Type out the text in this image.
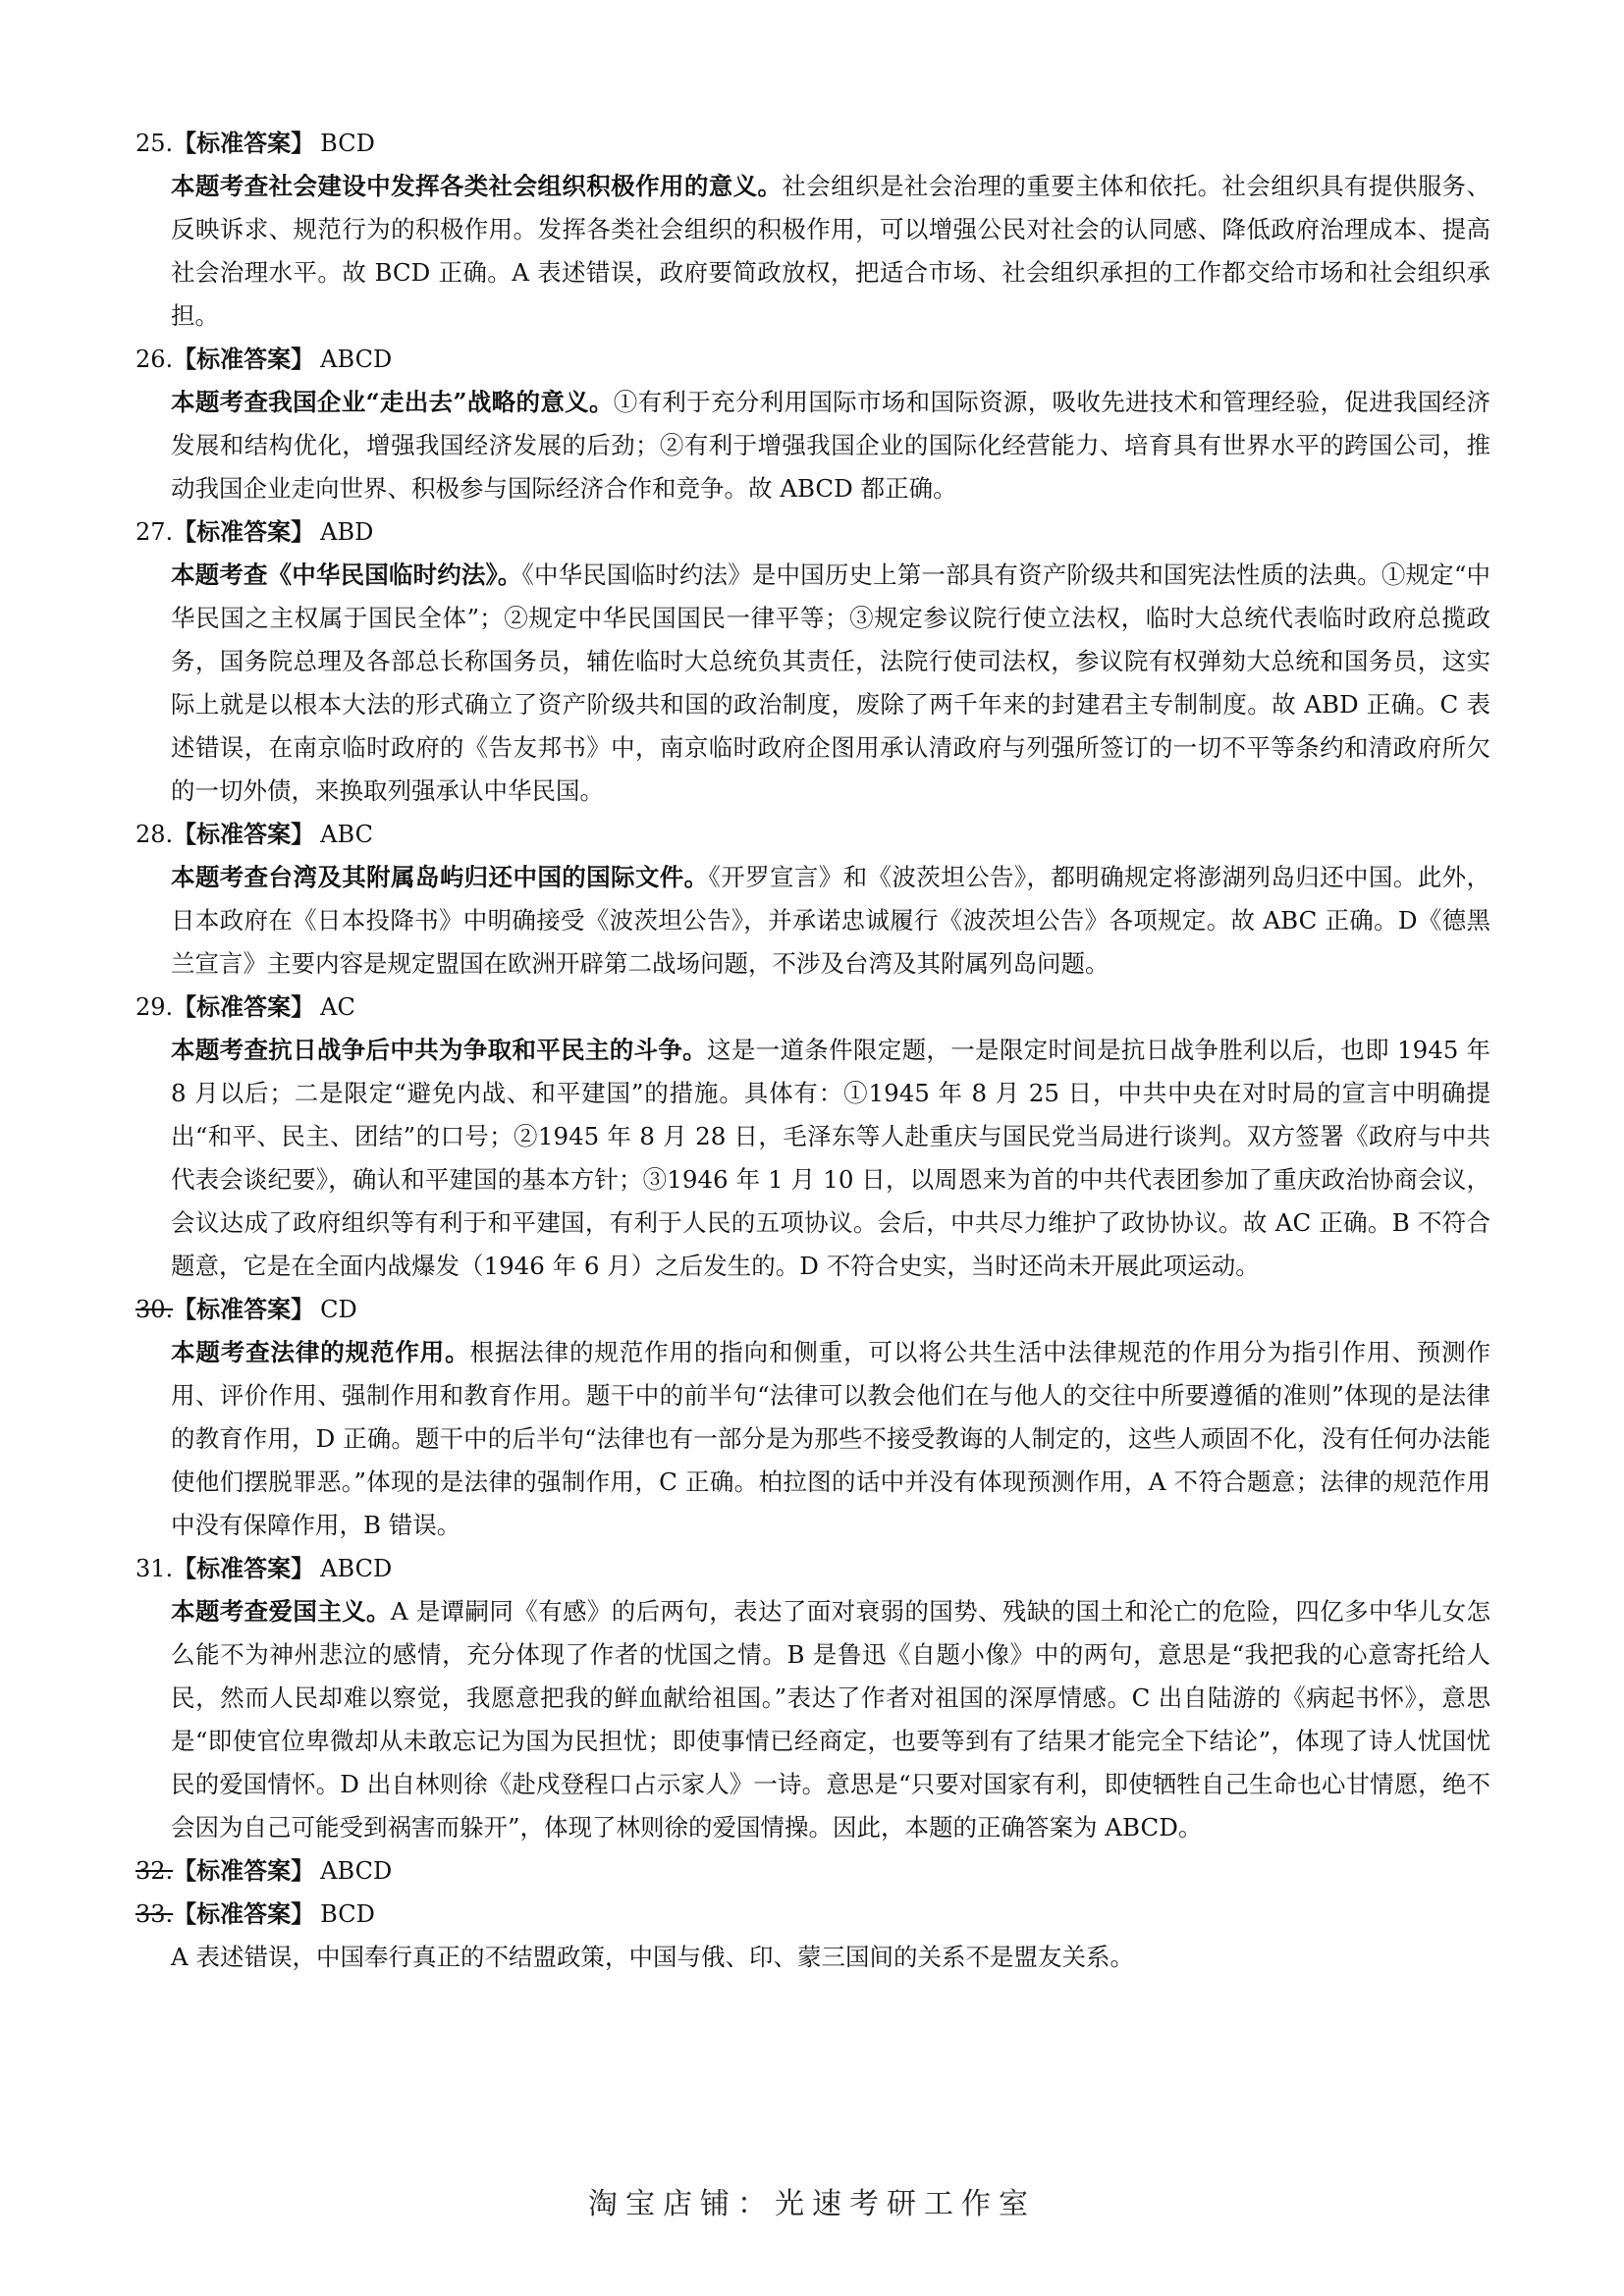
25.【标准答案】 BCD

本题考查社会建设中发挥各类社会组织积极作用的意义。社会组织是社会治理的重要主体和依托。社会组织具有提供服务、反映诉求、规范行为的积极作用。发挥各类社会组织的积极作用，可以增强公民对社会的认同感、降低政府治理成本、提高社会治理水平。故 BCD 正确。A 表述错误，政府要简政放权，把适合市场、社会组织承担的工作都交给市场和社会组织承担。

26.【标准答案】 ABCD

本题考查我国企业“走出去”战略的意义。①有利于充分利用国际市场和国际资源，吸收先进技术和管理经验，促进我国经济发展和结构优化，增强我国经济发展的后劲；②有利于增强我国企业的国际化经营能力、培育具有世界水平的跨国公司，推动我国企业走向世界、积极参与国际经济合作和竞争。故 ABCD 都正确。

27.【标准答案】 ABD

本题考查《中华民国临时约法》。《中华民国临时约法》是中国历史上第一部具有资产阶级共和国宪法性质的法典。①规定“中华民国之主权属于国民全体”；②规定中华民国国民一律平等；③规定参议院行使立法权，临时大总统代表临时政府总揽政务，国务院总理及各部总长称国务员，辅佐临时大总统负其责任，法院行使司法权，参议院有权弹劾大总统和国务员，这实际上就是以根本大法的形式确立了资产阶级共和国的政治制度，废除了两千年来的封建君主专制制度。故 ABD 正确。C 表述错误，在南京临时政府的《告友邦书》中，南京临时政府企图用承认清政府与列强所签订的一切不平等条约和清政府所欠的一切外债，来换取列强承认中华民国。

28.【标准答案】 ABC

本题考查台湾及其附属岛屿归还中国的国际文件。《开罗宣言》和《波茨坦公告》，都明确规定将澎湖列岛归还中国。此外，日本政府在《日本投降书》中明确接受《波茨坦公告》，并承诺忠诚履行《波茨坦公告》各项规定。故 ABC 正确。D《德黑兰宣言》主要内容是规定盟国在欧洲开辟第二战场问题，不涉及台湾及其附属列岛问题。

29.【标准答案】 AC

本题考查抗日战争后中共为争取和平民主的斗争。这是一道条件限定题，一是限定时间是抗日战争胜利以后，也即 1945 年 8 月以后；二是限定“避免内战、和平建国”的措施。具体有：①1945 年 8 月 25 日，中共中央在对时局的宣言中明确提出“和平、民主、团结”的口号；②1945 年 8 月 28 日，毛泽东等人赴重庆与国民党当局进行谈判。双方签署《政府与中共代表会谈纪要》，确认和平建国的基本方针；③1946 年 1 月 10 日，以周恩来为首的中共代表团参加了重庆政治协商会议，会议达成了政府组织等有利于和平建国，有利于人民的五项协议。会后，中共尽力维护了政协协议。故 AC 正确。B 不符合题意，它是在全面内战爆发（1946 年 6 月）之后发生的。D 不符合史实，当时还尚未开展此项运动。

30.【标准答案】 CD

本题考查法律的规范作用。根据法律的规范作用的指向和侧重，可以将公共生活中法律规范的作用分为指引作用、预测作用、评价作用、强制作用和教育作用。题干中的前半句“法律可以教会他们在与他人的交往中所要遵循的准则”体现的是法律的教育作用，D 正确。题干中的后半句“法律也有一部分是为那些不接受教诲的人制定的，这些人顽固不化，没有任何办法能使他们摆脱罪恶。”体现的是法律的强制作用，C 正确。柏拉图的话中并没有体现预测作用，A 不符合题意；法律的规范作用中没有保障作用，B 错误。

31.【标准答案】 ABCD

本题考查爱国主义。A 是谭嗣同《有感》的后两句，表达了面对衰弱的国势、残缺的国土和沦亡的危险，四亿多中华儿女怎么能不为神州悲泣的感情，充分体现了作者的忧国之情。B 是鲁迅《自题小像》中的两句，意思是“我把我的心意寄托给人民，然而人民却难以察觉，我愿意把我的鲜血献给祖国。”表达了作者对祖国的深厚情感。C 出自陆游的《病起书怀》，意思是“即使官位卑微却从未敢忘记为国为民担忧；即使事情已经商定，也要等到有了结果才能完全下结论”，体现了诗人忧国忧民的爱国情怀。D 出自林则徐《赴戍登程口占示家人》一诗。意思是“只要对国家有利，即使牺牲自己生命也心甘情愿，绝不会因为自己可能受到祸害而躲开”，体现了林则徐的爱国情操。因此，本题的正确答案为 ABCD。

32.【标准答案】 ABCD
33.【标准答案】 BCD

A 表述错误，中国奉行真正的不结盟政策，中国与俄、印、蒙三国间的关系不是盟友关系。

淘宝店铺：光速考研工作室
